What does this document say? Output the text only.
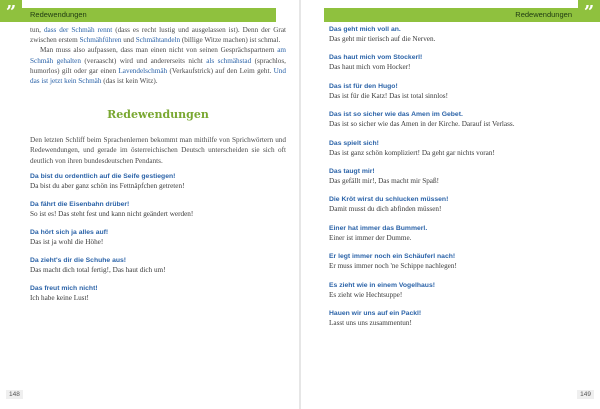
Redewendungen
”

tun, dass der Schmäh rennt (dass es recht lustig und ausgelassen ist). Denn der Grat zwischen erstem Schmähführen und Schmähtandeln (billige Witze machen) ist schmal.

Man muss also aufpassen, dass man einen nicht von seinen Gesprächspartnern am Schmäh gehalten (veraascht) wird und andererseits nicht als schmähstad (sprachlos, humorlos) gilt oder gar einen Lavendelschmäh (Verkaufstrick) auf den Leim geht. Und das ist jetzt kein Schmäh (das ist kein Witz).

Redewendungen

Den letzten Schliff beim Sprachenlernen bekommt man mithilfe von Sprichwörtern und Redewendungen, und gerade im österreichischen Deutsch unterscheiden sie sich oft deutlich von ihren bundesdeutschen Pendants.

Da bist du ordentlich auf die Seife gestiegen!
Da bist du aber ganz schön ins Fettnäpfchen getreten!
Da fährt die Eisenbahn drüber!
So ist es! Das steht fest und kann nicht geändert werden!
Da hört sich ja alles auf!
Das ist ja wohl die Höhe!
Da zieht's dir die Schuhe aus!
Das macht dich total fertig!, Das haut dich um!
Das freut mich nicht!
Ich habe keine Lust!
148
Redewendungen ”
Das geht mich voll an.
Das geht mir tierisch auf die Nerven.
Das haut mich vom Stockerl!
Das haut mich vom Hocker!
Das ist für den Hugo!
Das ist für die Katz! Das ist total sinnlos!
Das ist so sicher wie das Amen im Gebet.
Das ist so sicher wie das Amen in der Kirche. Darauf ist Verlass.
Das spielt sich!
Das ist ganz schön kompliziert! Da geht gar nichts voran!
Das taugt mir!
Das gefällt mir!, Das macht mir Spaß!
Die Kröt wirst du schlucken müssen!
Damit musst du dich abfinden müssen!
Einer hat immer das Bummerl.
Einer ist immer der Dumme.
Er legt immer noch ein Schäuferl nach!
Er muss immer noch 'ne Schippe nachlegen!
Es zieht wie in einem Vogelhaus!
Es zieht wie Hechtsuppe!
Hauen wir uns auf ein Packl!
Lasst uns uns zusammentun!
149
